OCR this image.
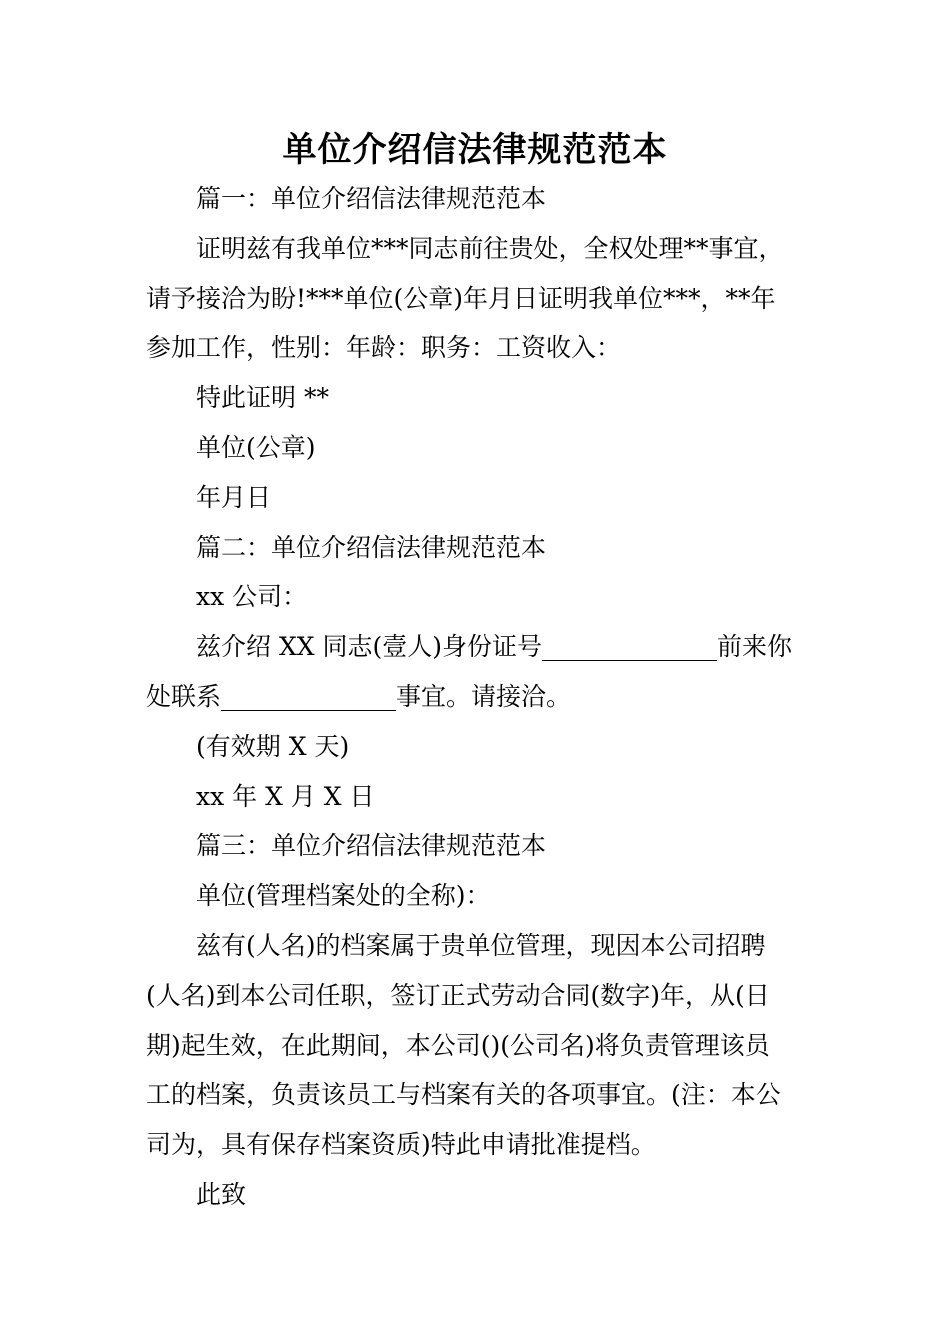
单位介绍信法律规范范本
篇一：单位介绍信法律规范范本
证明兹有我单位***同志前往贵处，全权处理**事宜，
请予接洽为盼!***单位(公章)年月日证明我单位***，**年
参加工作，性别：年龄：职务：工资收入：
特此证明 **
单位(公章)
年月日
篇二：单位介绍信法律规范范本
xx 公司：
兹介绍 XX 同志(壹人)身份证号______________前来你
处联系______________事宜。请接洽。
(有效期 X 天)
xx 年 X 月 X 日
篇三：单位介绍信法律规范范本
单位(管理档案处的全称)：
兹有(人名)的档案属于贵单位管理，现因本公司招聘
(人名)到本公司任职，签订正式劳动合同(数字)年，从(日
期)起生效，在此期间，本公司()(公司名)将负责管理该员
工的档案，负责该员工与档案有关的各项事宜。(注：本公
司为，具有保存档案资质)特此申请批准提档。
此致
